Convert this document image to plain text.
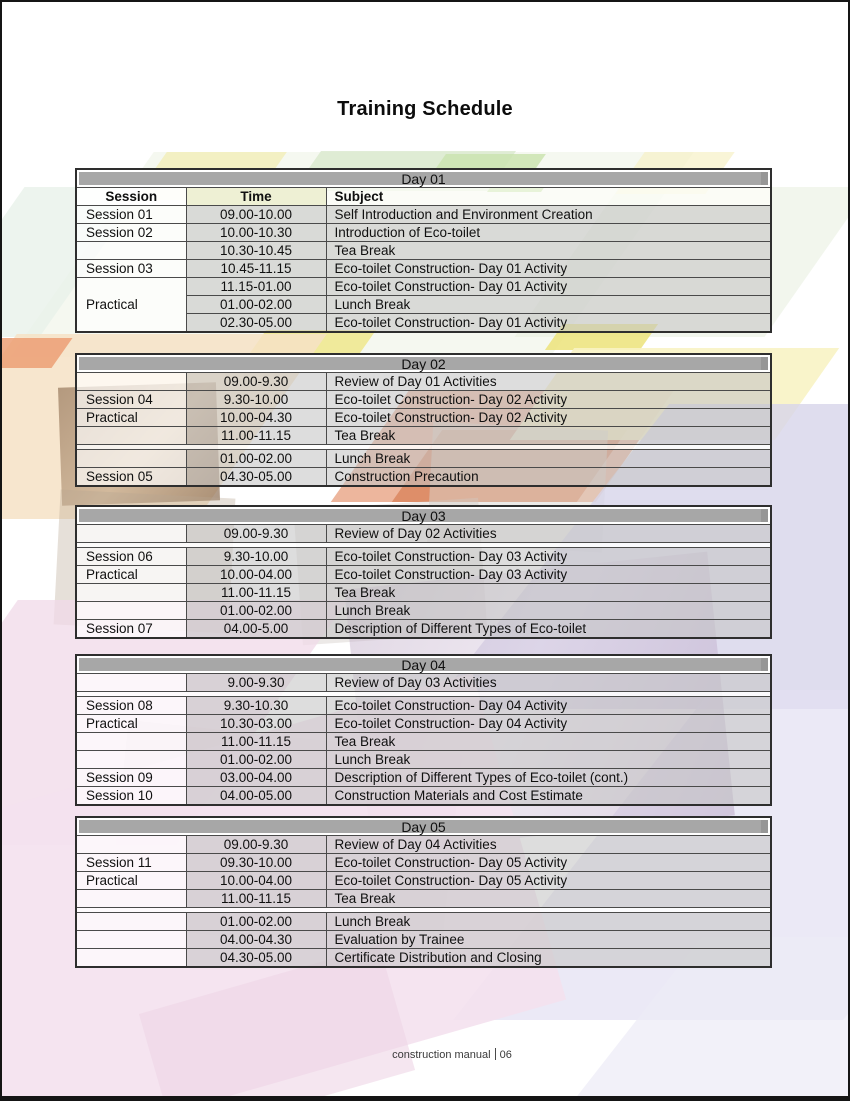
Training Schedule
Day 01		
Session	Time	Subject
Session 01	09.00-10.00	Self Introduction and Environment Creation
Session 02	10.00-10.30	Introduction of Eco-toilet
	10.30-10.45	Tea Break
Session 03	10.45-11.15	Eco-toilet Construction- Day 01 Activity
Practical	11.15-01.00	Eco-toilet Construction- Day 01 Activity
	01.00-02.00	Lunch Break
	02.30-05.00	Eco-toilet Construction- Day 01 Activity
Day 02		
	09.00-9.30	Review of Day 01 Activities
Session 04	9.30-10.00	Eco-toilet Construction- Day 02 Activity
Practical	10.00-04.30	Eco-toilet Construction- Day 02 Activity
	11.00-11.15	Tea Break

	01.00-02.00	Lunch Break
Session 05	04.30-05.00	Construction Precaution
Day 03		
	09.00-9.30	Review of Day 02 Activities

Session 06	9.30-10.00	Eco-toilet Construction- Day 03 Activity
Practical	10.00-04.00	Eco-toilet Construction- Day 03 Activity
	11.00-11.15	Tea Break
	01.00-02.00	Lunch Break
Session 07	04.00-5.00	Description of Different Types of Eco-toilet
Day 04		
	9.00-9.30	Review of Day 03 Activities

Session 08	9.30-10.30	Eco-toilet Construction- Day 04 Activity
Practical	10.30-03.00	Eco-toilet Construction- Day 04 Activity
	11.00-11.15	Tea Break
	01.00-02.00	Lunch Break
Session 09	03.00-04.00	Description of Different Types of Eco-toilet (cont.)
Session 10	04.00-05.00	Construction Materials and Cost Estimate
Day 05		
	09.00-9.30	Review of Day 04 Activities
Session 11	09.30-10.00	Eco-toilet Construction- Day 05 Activity
Practical	10.00-04.00	Eco-toilet Construction- Day 05 Activity
	11.00-11.15	Tea Break

	01.00-02.00	Lunch Break
	04.00-04.30	Evaluation by Trainee
	04.30-05.00	Certificate Distribution and Closing
construction manual 06
